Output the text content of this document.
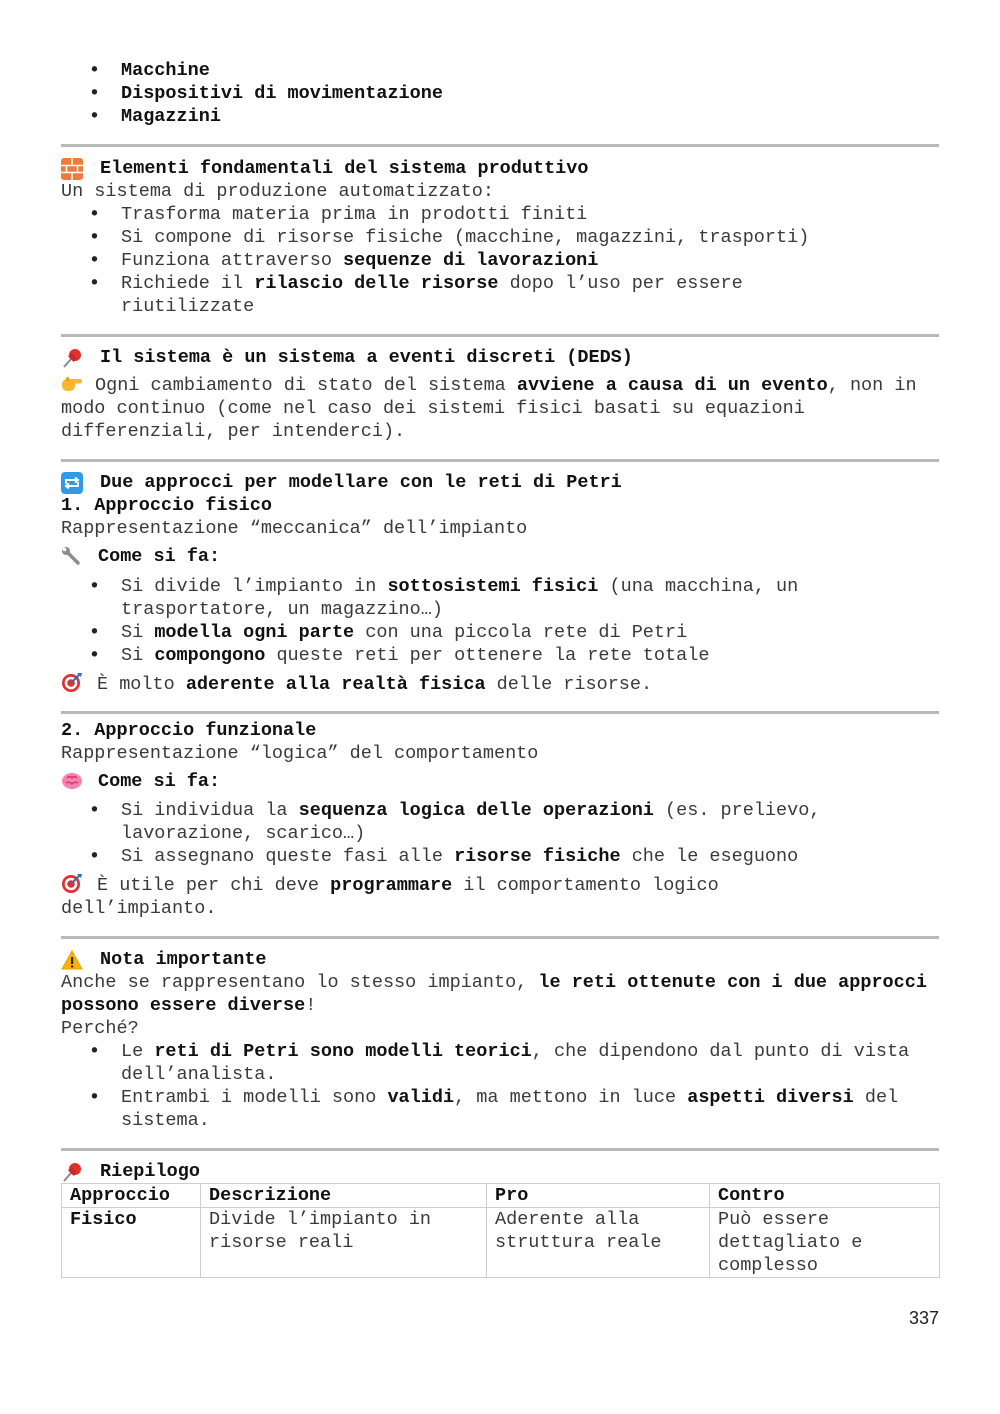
• Macchine
• Dispositivi di movimentazione
• Magazzini
Elementi fondamentali del sistema produttivo

Un sistema di produzione automatizzato:

• Trasforma materia prima in prodotti finiti
• Si compone di risorse fisiche (macchine, magazzini, trasporti)
• Funziona attraverso sequenze di lavorazioni
• Richiede il rilascio delle risorse dopo l’uso per essere riutilizzate
Il sistema è un sistema a eventi discreti (DEDS)

Ogni cambiamento di stato del sistema avviene a causa di un evento, non in modo continuo (come nel caso dei sistemi fisici basati su equazioni differenziali, per intenderci).

Due approcci per modellare con le reti di Petri

1. Approccio fisico

Rappresentazione “meccanica” dell’impianto

Come si fa:
• Si divide l’impianto in sottosistemi fisici (una macchina, un trasportatore, un magazzino…)
• Si modella ogni parte con una piccola rete di Petri
• Si compongono queste reti per ottenere la rete totale

È molto aderente alla realtà fisica delle risorse.

2. Approccio funzionale

Rappresentazione “logica” del comportamento

Come si fa:
• Si individua la sequenza logica delle operazioni (es. prelievo, lavorazione, scarico…)
• Si assegnano queste fasi alle risorse fisiche che le eseguono

È utile per chi deve programmare il comportamento logico dell’impianto.

Nota importante

Anche se rappresentano lo stesso impianto, le reti ottenute con i due approcci possono essere diverse!

Perché?

• Le reti di Petri sono modelli teorici, che dipendono dal punto di vista dell’analista.
• Entrambi i modelli sono validi, ma mettono in luce aspetti diversi del sistema.
Riepilogo
Approccio	Descrizione	Pro	Contro
Fisico	Divide l’impianto in risorse reali	Aderente alla struttura reale	Può essere dettagliato e complesso
337
